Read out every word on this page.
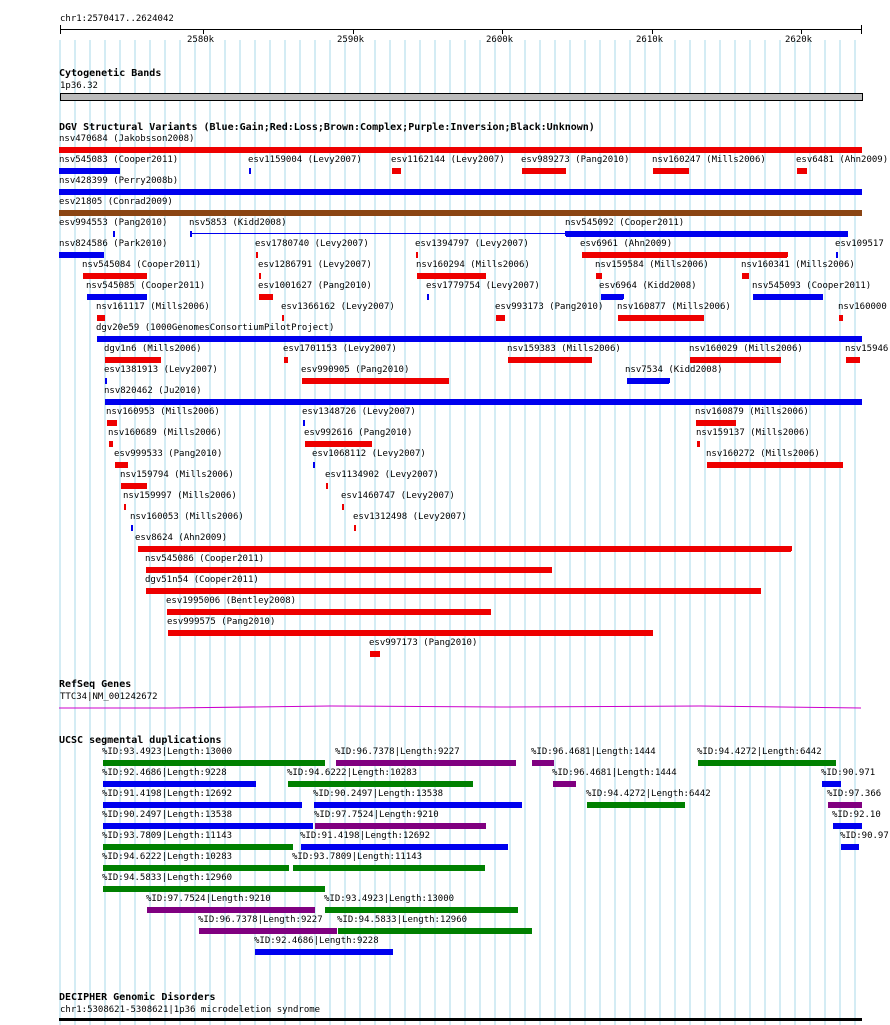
chr1:2570417..2624042
2580k	2590k	2600k	2610k	2620k
Cytogenetic Bands
1p36.32
DGV Structural Variants (Blue:Gain;Red:Loss;Brown:Complex;Purple:Inversion;Black:Unknown)
nsv470684 (Jakobsson2008)
nsv545083 (Cooper2011)	esv1159004 (Levy2007)	esv1162144 (Levy2007) esv989273 (Pang2010)	nsv160247 (Mills2006)	esv6481 (Ahn2009)
nsv428399 (Perry2008b)
esv21805 (Conrad2009)
esv994553 (Pang2010) nsv5853 (Kidd2008)	nsv545092 (Cooper2011)
nsv824586 (Park2010)	esv1780740 (Levy2007)	esv1394797 (Levy2007)	esv6961 (Ahn2009)	esv109517
nsv545084 (Cooper2011)	esv1286791 (Levy2007)	nsv160294 (Mills2006)	nsv159584 (Mills2006)	nsv160341 (Mills2006)
nsv545085 (Cooper2011)	esv1001627 (Pang2010)	esv1779754 (Levy2007)	esv6964 (Kidd2008)	nsv545093 (Cooper2011)
nsv161117 (Mills2006)	esv1366162 (Levy2007)	esv993173 (Pang2010) nsv160877 (Mills2006)	nsv160000
dgv20e59 (1000GenomesConsortiumPilotProject)
dgv1n6 (Mills2006)	esv1701153 (Levy2007)	nsv159383 (Mills2006)	nsv160029 (Mills2006)	nsv15946
esv1381913 (Levy2007)	esv990905 (Pang2010)	nsv7534 (Kidd2008)
nsv820462 (Ju2010)
nsv160953 (Mills2006)	esv1348726 (Levy2007)	nsv160879 (Mills2006)
nsv160689 (Mills2006)	esv992616 (Pang2010)	nsv159137 (Mills2006)
esv999533 (Pang2010)	esv1068112 (Levy2007)	nsv160272 (Mills2006)
nsv159794 (Mills2006)	esv1134902 (Levy2007)
nsv159997 (Mills2006)	esv1460747 (Levy2007)
nsv160053 (Mills2006)	esv1312498 (Levy2007)
esv8624 (Ahn2009)
nsv545086 (Cooper2011)
dgv51n54 (Cooper2011)
esv1995006 (Bentley2008)
esv999575 (Pang2010)
esv997173 (Pang2010)
RefSeq Genes
TTC34|NM_001242672
UCSC segmental duplications
%ID:93.4923|Length:13000	%ID:96.7378|Length:9227	%ID:96.4681|Length:1444	%ID:94.4272|Length:6442
%ID:92.4686|Length:9228	%ID:94.6222|Length:10283	%ID:96.4681|Length:1444	%ID:90.971
%ID:91.4198|Length:12692	%ID:90.2497|Length:13538	%ID:94.4272|Length:6442	%ID:97.366
%ID:90.2497|Length:13538	%ID:97.7524|Length:9210	%ID:92.10
%ID:93.7809|Length:11143	%ID:91.4198|Length:12692	%ID:90.97
%ID:94.6222|Length:10283	%ID:93.7809|Length:11143
%ID:94.5833|Length:12960
%ID:97.7524|Length:9210	%ID:93.4923|Length:13000
%ID:96.7378|Length:9227 %ID:94.5833|Length:12960
%ID:92.4686|Length:9228
DECIPHER Genomic Disorders
chr1:5308621-5308621|1p36 microdeletion syndrome
